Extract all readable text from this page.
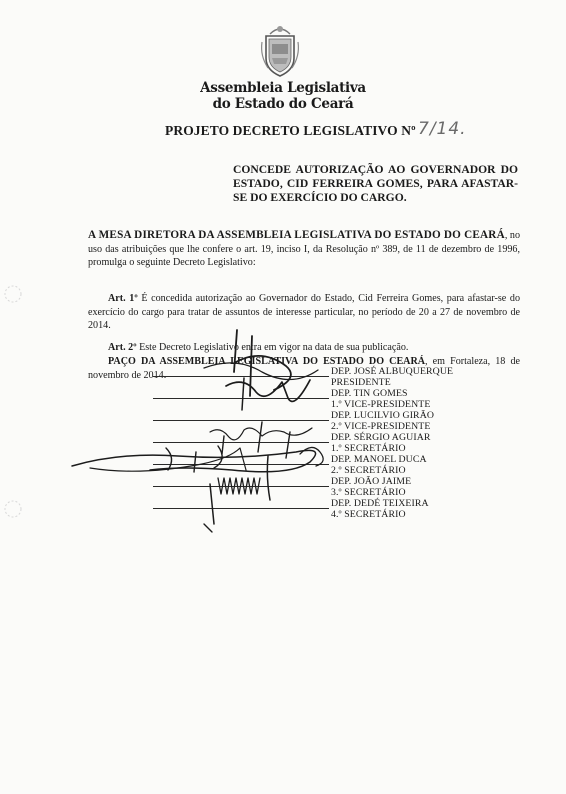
Assembleia Legislativa
do Estado do Ceará
PROJETO DECRETO LEGISLATIVO Nº 7/14.
CONCEDE AUTORIZAÇÃO AO GOVERNADOR DO ESTADO, CID FERREIRA GOMES, PARA AFASTAR-SE DO EXERCÍCIO DO CARGO.
A MESA DIRETORA DA ASSEMBLEIA LEGISLATIVA DO ESTADO DO CEARÁ, no uso das atribuições que lhe confere o art. 19, inciso I, da Resolução nº 389, de 11 de dezembro de 1996, promulga o seguinte Decreto Legislativo:
Art. 1º É concedida autorização ao Governador do Estado, Cid Ferreira Gomes, para afastar-se do exercício do cargo para tratar de assuntos de interesse particular, no período de 20 a 27 de novembro de 2014.
Art. 2º Este Decreto Legislativo entra em vigor na data de sua publicação.
PAÇO DA ASSEMBLEIA LEGISLATIVA DO ESTADO DO CEARÁ, em Fortaleza, 18 de novembro de 2014.	DEP. JOSÉ ALBUQUERQUE
PRESIDENTE
DEP. TIN GOMES
1.º VICE-PRESIDENTE
DEP. LUCILVIO GIRÃO
2.º VICE-PRESIDENTE
DEP. SÉRGIO AGUIAR
1.º SECRETÁRIO
DEP. MANOEL DUCA
2.º SECRETÁRIO
DEP. JOÃO JAIME
3.º SECRETÁRIO
DEP. DEDÉ TEIXEIRA
4.º SECRETÁRIO
